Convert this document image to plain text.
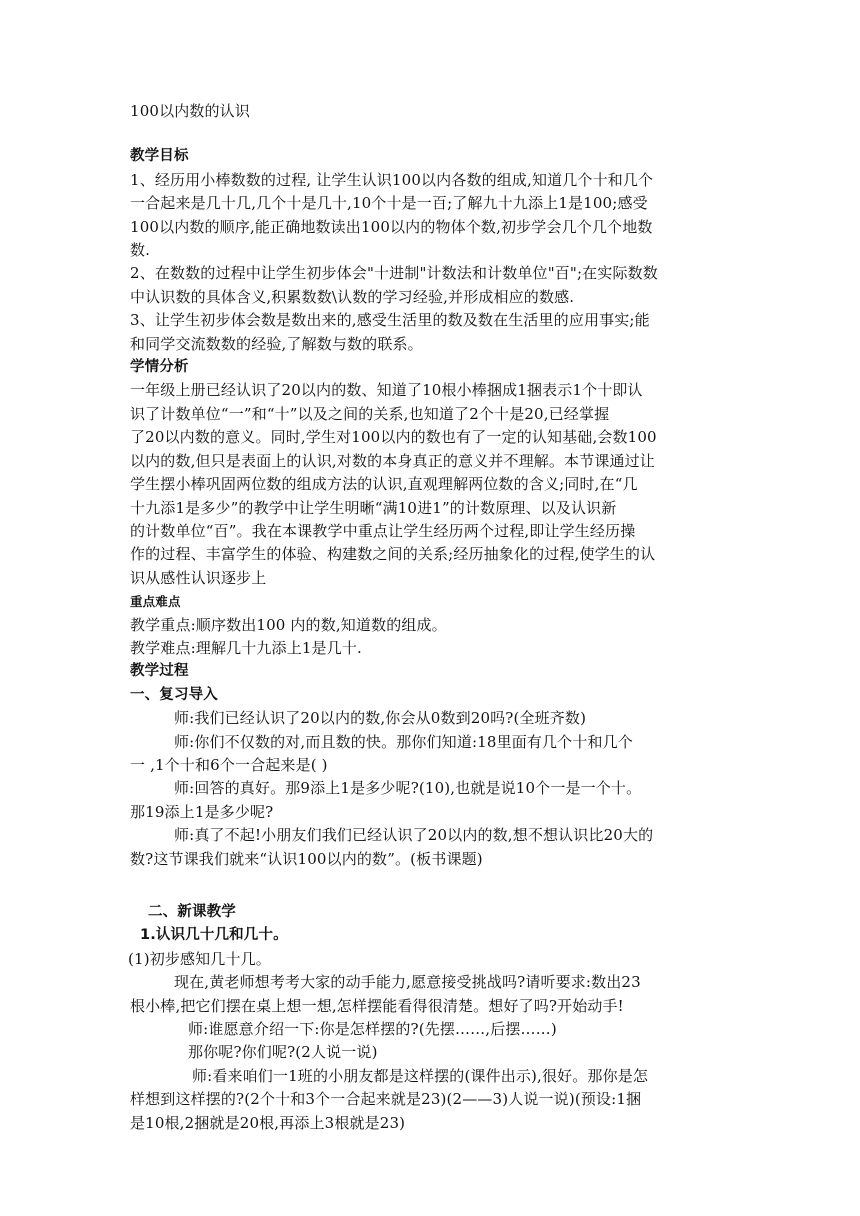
100以内数的认识
教学目标
1、经历用小棒数数的过程, 让学生认识100以内各数的组成,知道几个十和几个
一合起来是几十几,几个十是几十,10个十是一百;了解九十九添上1是100;感受
100以内数的顺序,能正确地数读出100以内的物体个数,初步学会几个几个地数
数.
2、在数数的过程中让学生初步体会"十进制"计数法和计数单位"百";在实际数数
中认识数的具体含义,积累数数\认数的学习经验,并形成相应的数感.
3、让学生初步体会数是数出来的,感受生活里的数及数在生活里的应用事实;能
和同学交流数数的经验,了解数与数的联系。
学情分析
一年级上册已经认识了20以内的数、知道了10根小棒捆成1捆表示1个十即认
识了计数单位“一”和“十”以及之间的关系,也知道了2个十是20,已经掌握
了20以内数的意义。同时,学生对100以内的数也有了一定的认知基础,会数100
以内的数,但只是表面上的认识,对数的本身真正的意义并不理解。本节课通过让
学生摆小棒巩固两位数的组成方法的认识,直观理解两位数的含义;同时,在“几
十九添1是多少”的教学中让学生明晰“满10进1”的计数原理、以及认识新
的计数单位“百”。我在本课教学中重点让学生经历两个过程,即让学生经历操
作的过程、丰富学生的体验、构建数之间的关系;经历抽象化的过程,使学生的认
识从感性认识逐步上
重点难点
教学重点:顺序数出100 内的数,知道数的组成。
教学难点:理解几十九添上1是几十.
教学过程
一、复习导入
师:我们已经认识了20以内的数,你会从0数到20吗?(全班齐数)
师:你们不仅数的对,而且数的快。那你们知道:18里面有几个十和几个
一 ,1个十和6个一合起来是( )
师:回答的真好。那9添上1是多少呢?(10),也就是说10个一是一个十。
那19添上1是多少呢?
师:真了不起!小朋友们我们已经认识了20以内的数,想不想认识比20大的
数?这节课我们就来“认识100以内的数”。(板书课题)
二、新课教学
1.认识几十几和几十。
(1)初步感知几十几。
现在,黄老师想考考大家的动手能力,愿意接受挑战吗?请听要求:数出23
根小棒,把它们摆在桌上想一想,怎样摆能看得很清楚。想好了吗?开始动手!
师:谁愿意介绍一下:你是怎样摆的?(先摆……,后摆……)
那你呢?你们呢?(2人说一说)
师:看来咱们一1班的小朋友都是这样摆的(课件出示),很好。那你是怎
样想到这样摆的?(2个十和3个一合起来就是23)(2——3)人说一说)(预设:1捆
是10根,2捆就是20根,再添上3根就是23)
